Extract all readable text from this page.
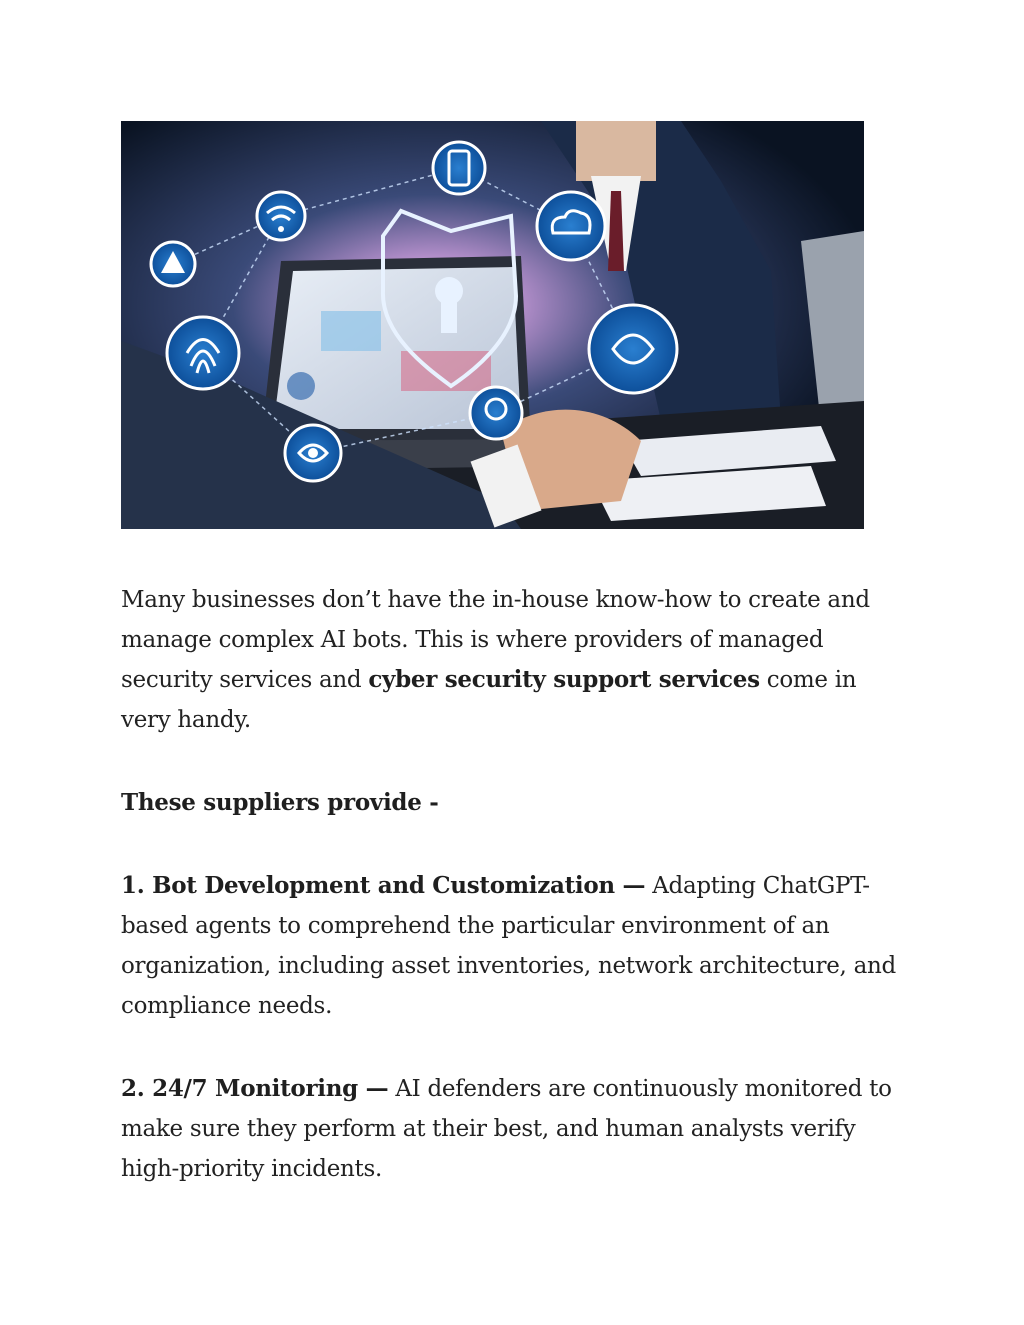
Many businesses don’t have the in-house know-how to create and manage complex AI bots. This is where providers of managed security services and cyber security support services come in very handy.

These suppliers provide -

1. Bot Development and Customization — Adapting ChatGPT-based agents to comprehend the particular environment of an organization, including asset inventories, network architecture, and compliance needs.

2. 24/7 Monitoring — AI defenders are continuously monitored to make sure they perform at their best, and human analysts verify high-priority incidents.
